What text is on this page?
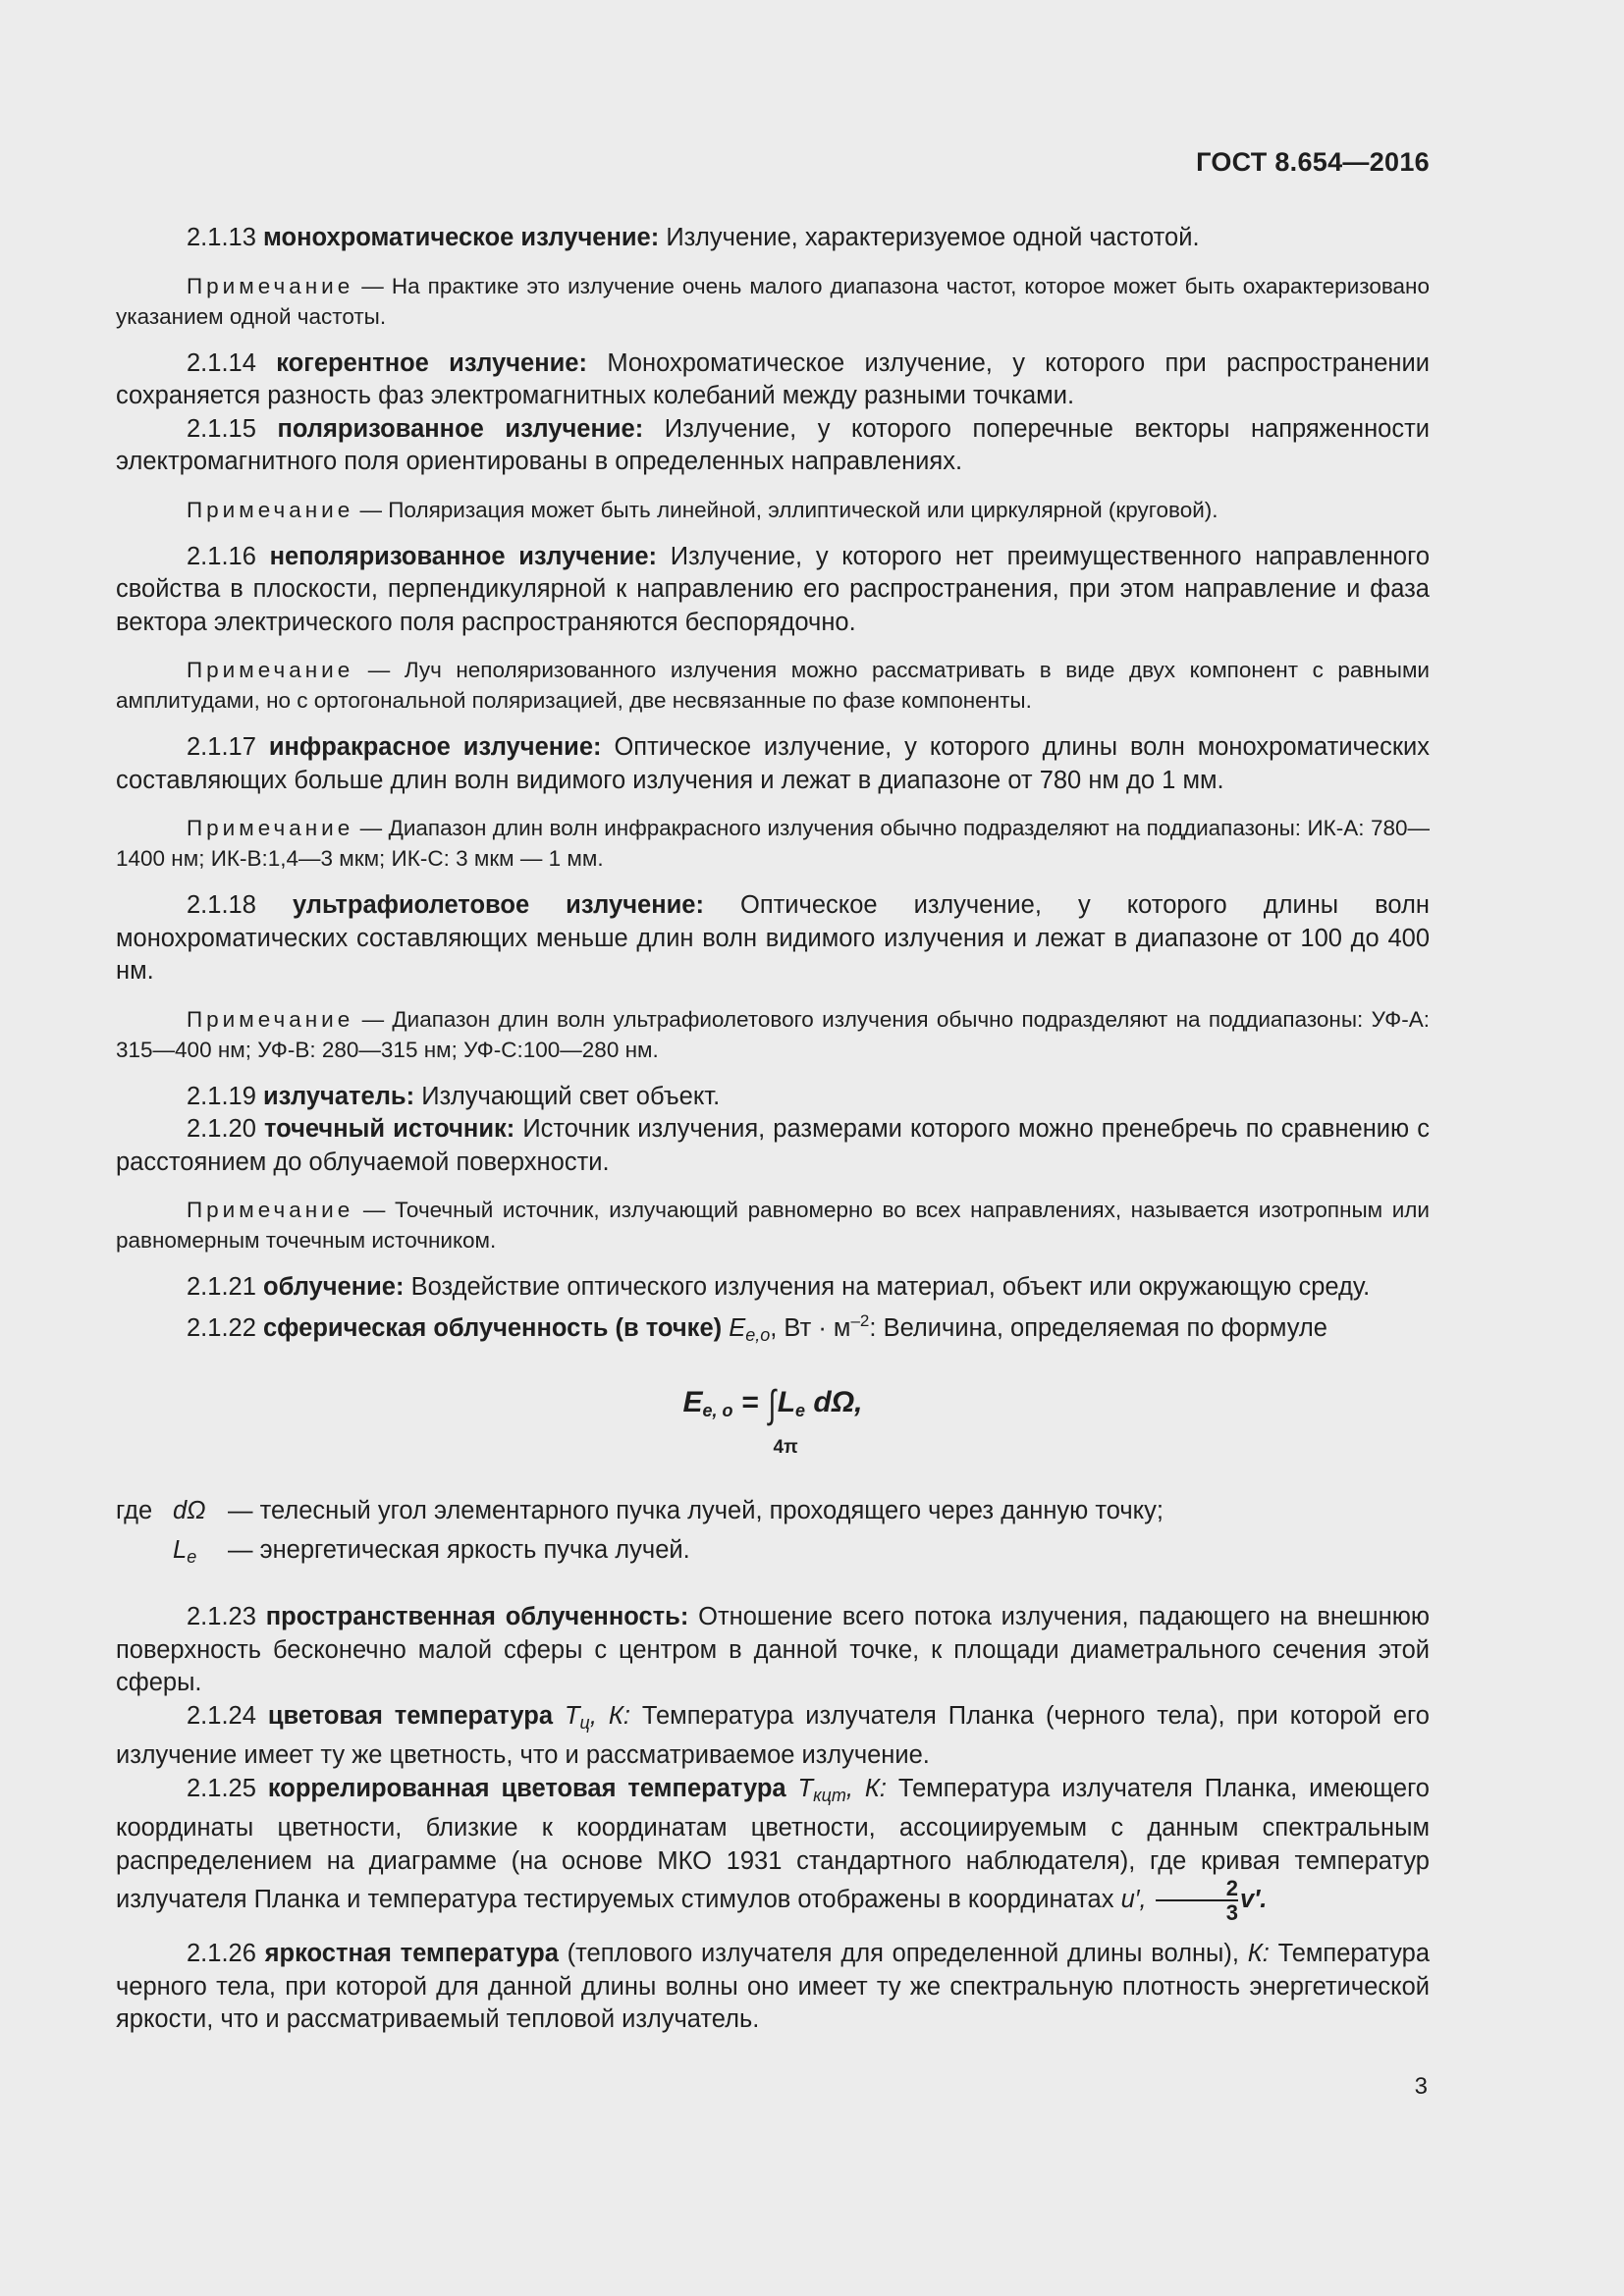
ГОСТ 8.654—2016

2.1.13 монохроматическое излучение: Излучение, характеризуемое одной частотой.

Примечание — На практике это излучение очень малого диапазона частот, которое может быть охарактеризовано указанием одной частоты.

2.1.14 когерентное излучение: Монохроматическое излучение, у которого при распространении сохраняется разность фаз электромагнитных колебаний между разными точками.

2.1.15 поляризованное излучение: Излучение, у которого поперечные векторы напряженности электромагнитного поля ориентированы в определенных направлениях.

Примечание — Поляризация может быть линейной, эллиптической или циркулярной (круговой).

2.1.16 неполяризованное излучение: Излучение, у которого нет преимущественного направленного свойства в плоскости, перпендикулярной к направлению его распространения, при этом направление и фаза вектора электрического поля распространяются беспорядочно.

Примечание — Луч неполяризованного излучения можно рассматривать в виде двух компонент с равными амплитудами, но с ортогональной поляризацией, две несвязанные по фазе компоненты.

2.1.17 инфракрасное излучение: Оптическое излучение, у которого длины волн монохроматических составляющих больше длин волн видимого излучения и лежат в диапазоне от 780 нм до 1 мм.

Примечание — Диапазон длин волн инфракрасного излучения обычно подразделяют на поддиапазоны: ИК-А: 780—1400 нм; ИК-В:1,4—3 мкм; ИК-С: 3 мкм — 1 мм.

2.1.18 ультрафиолетовое излучение: Оптическое излучение, у которого длины волн монохроматических составляющих меньше длин волн видимого излучения и лежат в диапазоне от 100 до 400 нм.

Примечание — Диапазон длин волн ультрафиолетового излучения обычно подразделяют на поддиапазоны: УФ-А: 315—400 нм; УФ-В: 280—315 нм; УФ-С:100—280 нм.

2.1.19 излучатель: Излучающий свет объект.

2.1.20 точечный источник: Источник излучения, размерами которого можно пренебречь по сравнению с расстоянием до облучаемой поверхности.

Примечание — Точечный источник, излучающий равномерно во всех направлениях, называется изотропным или равномерным точечным источником.

2.1.21 облучение: Воздействие оптического излучения на материал, объект или окружающую среду.

2.1.22 сферическая облученность (в точке) $E_{e,o}$, Вт · $м^{-2}$: Величина, определяемая по формуле

$E_{e, o} = \int L_e$ dΩ,
4π
где dΩ — телесный угол элементарного пучка лучей, проходящего через данную точку;
$L_e$	— энергетическая яркость пучка лучей.

2.1.23 пространственная облученность: Отношение всего потока излучения, падающего на внешнюю поверхность бесконечно малой сферы с центром в данной точке, к площади диаметрального сечения этой сферы.

2.1.24 цветовая температура $T_ц$, К: Температура излучателя Планка (черного тела), при которой его излучение имеет ту же цветность, что и рассматриваемое излучение.

2.1.25 коррелированная цветовая температура $T_{кцт}$, К: Температура излучателя Планка, имеющего координаты цветности, близкие к координатам цветности, ассоциируемым с данным спектральным распределением на диаграмме (на основе МКО 1931 стандартного наблюдателя), где кривая температур излучателя Планка и температура тестируемых стимулов отображены в координатах u′, $\frac{2}{3} v'$.

2.1.26 яркостная температура (теплового излучателя для определенной длины волны), К: Температура черного тела, при которой для данной длины волны оно имеет ту же спектральную плотность энергетической яркости, что и рассматриваемый тепловой излучатель.

3
